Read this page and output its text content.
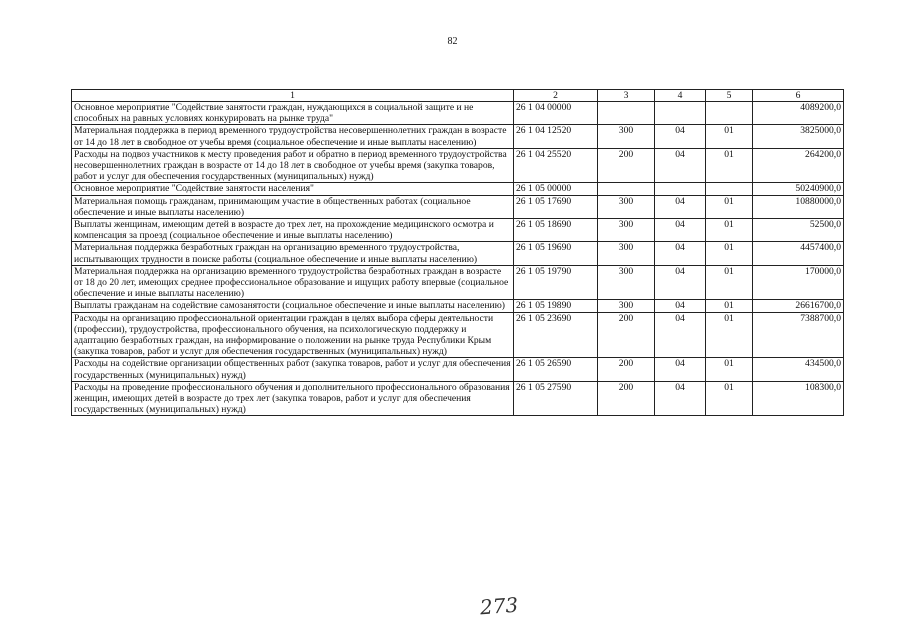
82
1	2	3	4	5	6
Основное мероприятие "Содействие занятости граждан, нуждающихся в социальной защите и не способных на равных условиях конкурировать на рынке труда"	26 1 04 00000				4089200,0
Материальная поддержка в период временного трудоустройства несовершеннолетних граждан в возрасте от 14 до 18 лет в свободное от учебы время (социальное обеспечение и иные выплаты населению)	26 1 04 12520	300	04	01	3825000,0
Расходы на подвоз участников к месту проведения работ и обратно в период временного трудоустройства несовершеннолетних граждан в возрасте от 14 до 18 лет в свободное от учебы время (закупка товаров, работ и услуг для обеспечения государственных (муниципальных) нужд)	26 1 04 25520	200	04	01	264200,0
Основное мероприятие "Содействие занятости населения"	26 1 05 00000				50240900,0
Материальная помощь гражданам, принимающим участие в общественных работах (социальное обеспечение и иные выплаты населению)	26 1 05 17690	300	04	01	10880000,0
Выплаты женщинам, имеющим детей в возрасте до трех лет, на прохождение медицинского осмотра и компенсация за проезд (социальное обеспечение и иные выплаты населению)	26 1 05 18690	300	04	01	52500,0
Материальная поддержка безработных граждан на организацию временного трудоустройства, испытывающих трудности в поиске работы (социальное обеспечение и иные выплаты населению)	26 1 05 19690	300	04	01	4457400,0
Материальная поддержка на организацию временного трудоустройства безработных граждан в возрасте от 18 до 20 лет, имеющих среднее профессиональное образование и ищущих работу впервые (социальное обеспечение и иные выплаты населению)	26 1 05 19790	300	04	01	170000,0
Выплаты гражданам на содействие самозанятости (социальное обеспечение и иные выплаты населению)	26 1 05 19890	300	04	01	26616700,0
Расходы на организацию профессиональной ориентации граждан в целях выбора сферы деятельности (профессии), трудоустройства, профессионального обучения, на психологическую поддержку и адаптацию безработных граждан, на информирование о положении на рынке труда Республики Крым (закупка товаров, работ и услуг для обеспечения государственных (муниципальных) нужд)	26 1 05 23690	200	04	01	7388700,0
Расходы на содействие организации общественных работ (закупка товаров, работ и услуг для обеспечения государственных (муниципальных) нужд)	26 1 05 26590	200	04	01	434500,0
Расходы на проведение профессионального обучения и дополнительного профессионального образования женщин, имеющих детей в возрасте до трех лет (закупка товаров, работ и услуг для обеспечения государственных (муниципальных) нужд)	26 1 05 27590	200	04	01	108300,0
273
